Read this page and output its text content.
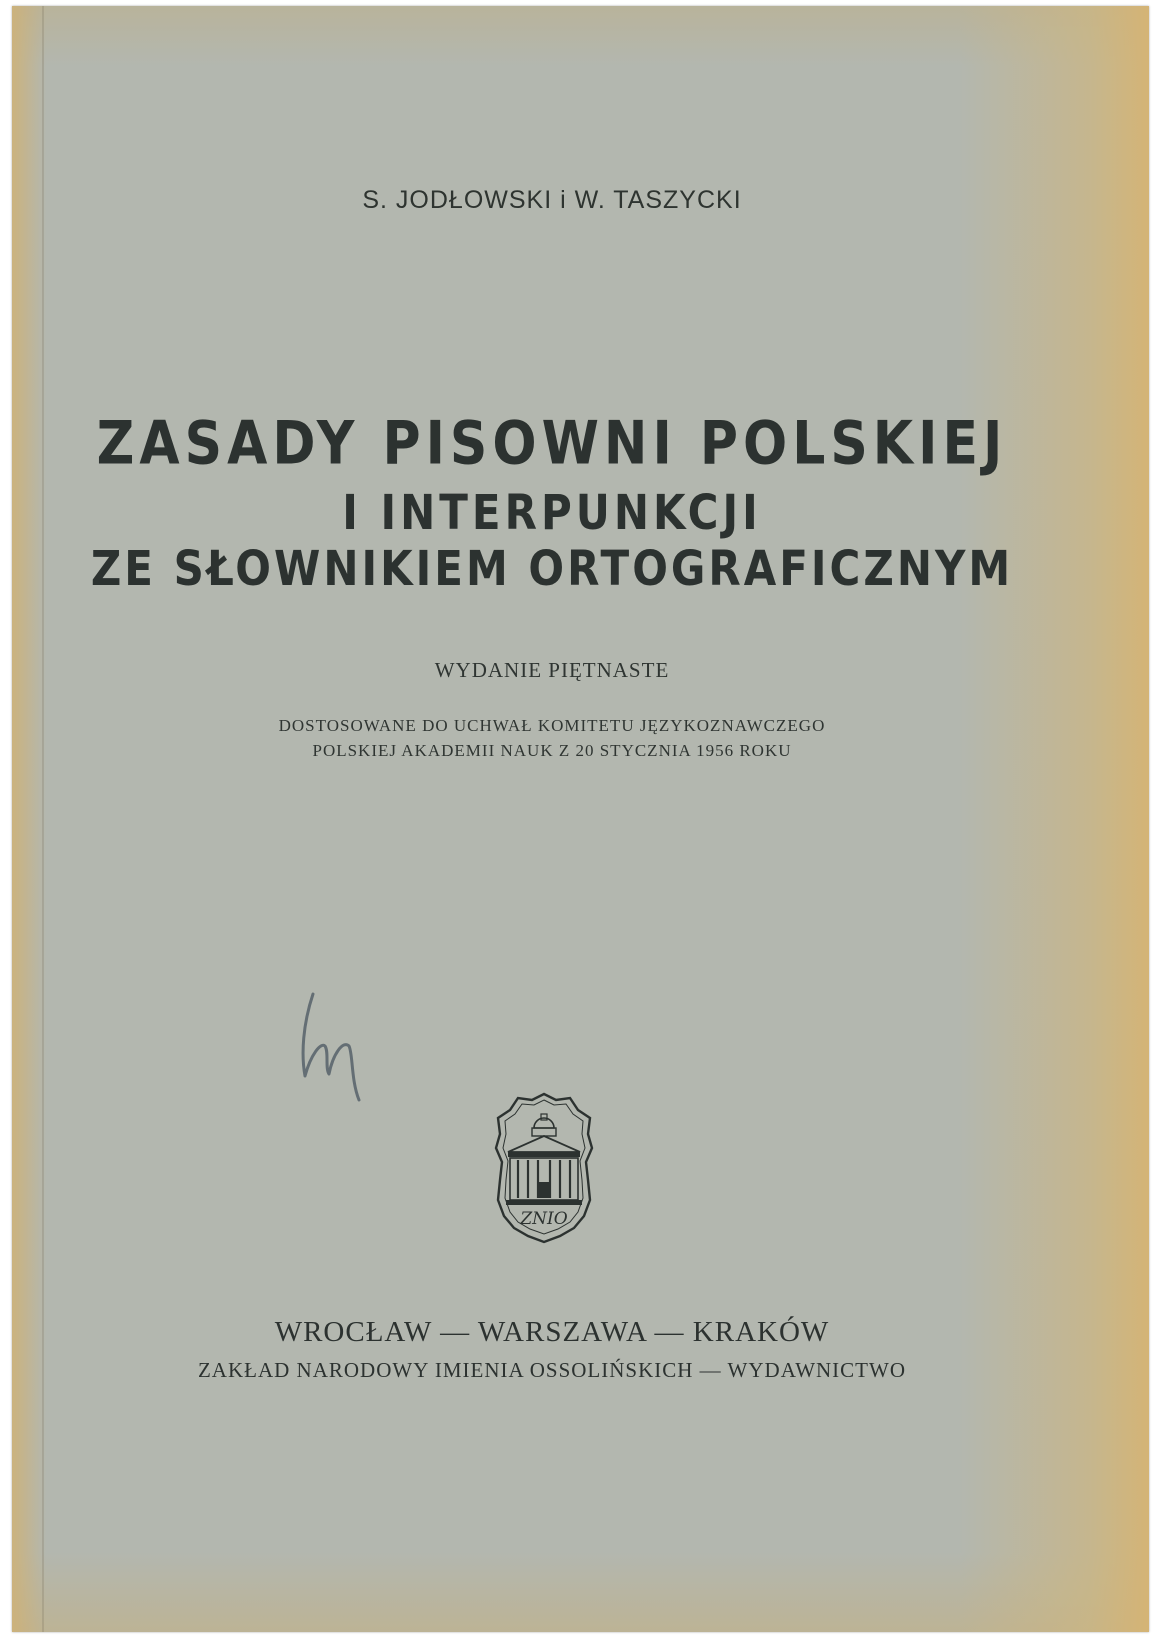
S. JODŁOWSKI i W. TASZYCKI
ZASADY PISOWNI POLSKIEJ
I INTERPUNKCJI
ZE SŁOWNIKIEM ORTOGRAFICZNYM
WYDANIE PIĘTNASTE
DOSTOSOWANE DO UCHWAŁ KOMITETU JĘZYKOZNAWCZEGO
POLSKIEJ AKADEMII NAUK Z 20 STYCZNIA 1956 ROKU
ZNIO
WROCŁAW — WARSZAWA — KRAKÓW
ZAKŁAD NARODOWY IMIENIA OSSOLIŃSKICH — WYDAWNICTWO
